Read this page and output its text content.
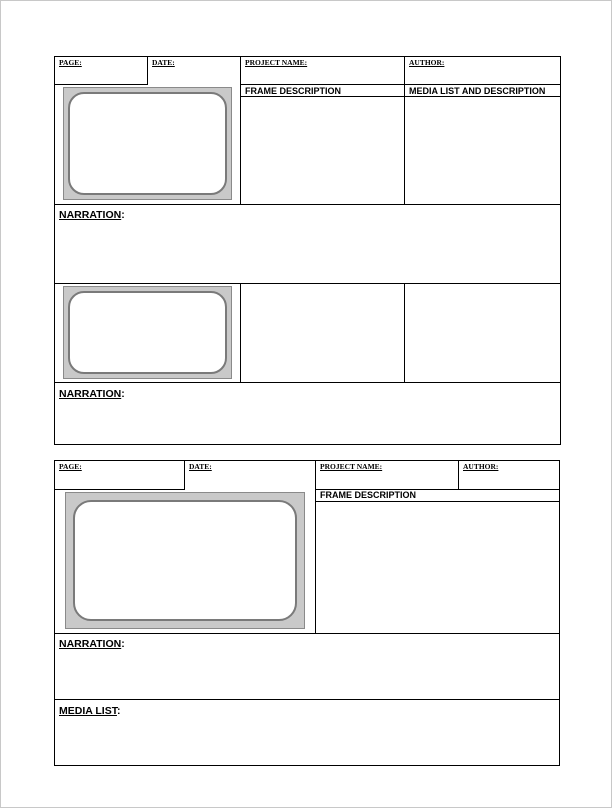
PAGE:	DATE:	PROJECT NAME:	AUTHOR:
FRAME DESCRIPTION	MEDIA LIST AND DESCRIPTION
NARRATION:
NARRATION:
PAGE:	DATE:	PROJECT NAME:	AUTHOR:
FRAME DESCRIPTION
NARRATION:
MEDIA LIST:
